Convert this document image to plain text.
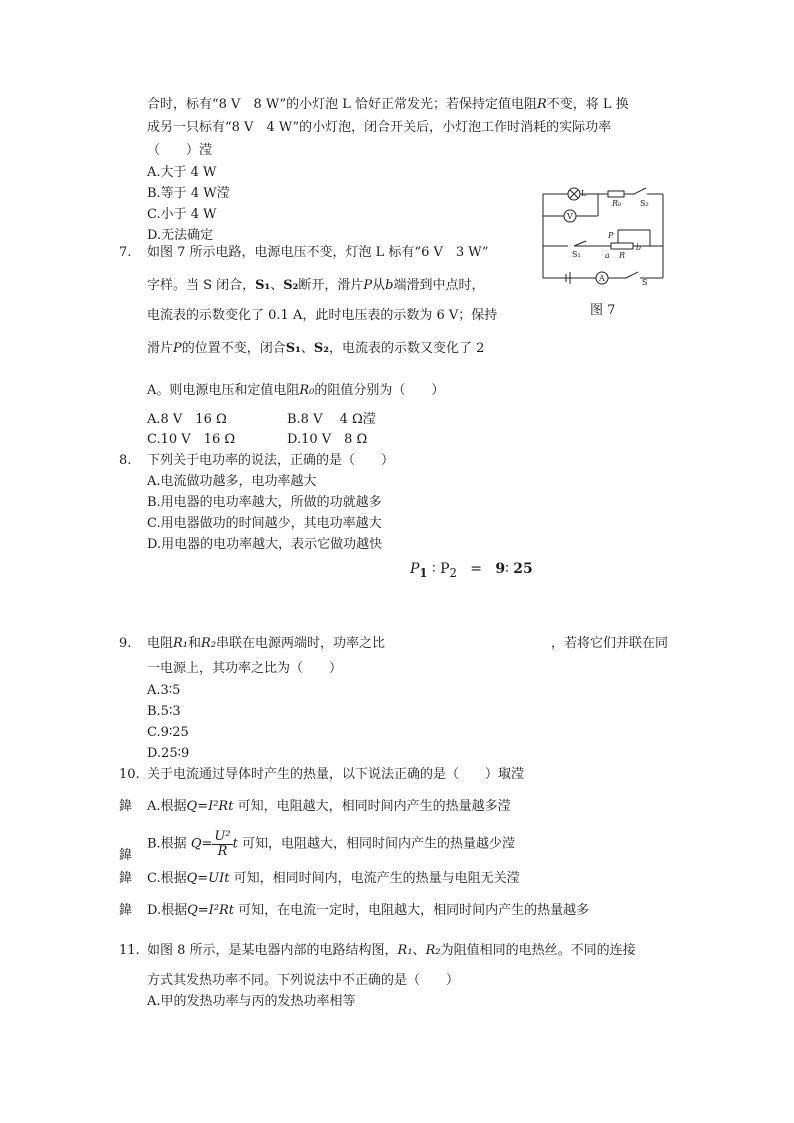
合时，标有“8 V　8 W”的小灯泡 L 恰好正常发光；若保持定值电阻R不变，将 L 换
成另一只标有“8 V　4 W”的小灯泡，闭合开关后，小灯泡工作时消耗的实际功率
（　　）滢
A.大于 4 W
B.等于 4 W滢
C.小于 4 W
D.无法确定
L
V
R₀ S₂
S₁
P
a R
b
A	S
图 7
7. 如图 7 所示电路，电源电压不变，灯泡 L 标有“6 V　3 W”
字样。当 S 闭合，S₁、S₂断开，滑片P从b端滑到中点时，
电流表的示数变化了 0.1 A，此时电压表的示数为 6 V；保持
滑片P的位置不变，闭合S₁、S₂，电流表的示数又变化了 2
A。则电源电压和定值电阻R₀的阻值分别为（　　）
A.8 V　16 Ω	B.8 V　 4 Ω滢
C.10 V　16 Ω	D.10 V　8 Ω
8. 下列关于电功率的说法，正确的是（　　）
A.电流做功越多，电功率越大
B.用电器的电功率越大，所做的功就越多
C.用电器做功的时间越少，其电功率越大
D.用电器的电功率越大，表示它做功越快
$P_1$ ∶ $P_2$ = 9∶ 25
9. 电阻R₁和R₂串联在电源两端时，功率之比	，若将它们并联在同
一电源上，其功率之比为（　　）
A.3∶5
B.5∶3
C.9∶25
D.25∶9
10. 关于电流通过导体时产生的热量，以下说法正确的是（　　）琡滢
鍏 A.根据Q=I²Rt 可知，电阻越大，相同时间内产生的热量越多滢
鍏
B.根据 $Q= \frac{\text{U²}}{R}$ t 可知，电阻越大，相同时间内产生的热量越少滢
鍏 C.根据Q=UIt 可知，相同时间内，电流产生的热量与电阻无关滢
鍏 D.根据Q=I²Rt 可知，在电流一定时，电阻越大，相同时间内产生的热量越多
11. 如图 8 所示，是某电器内部的电路结构图，R₁、R₂为阻值相同的电热丝。不同的连接
方式其发热功率不同。下列说法中不正确的是（　　）
A.甲的发热功率与丙的发热功率相等
